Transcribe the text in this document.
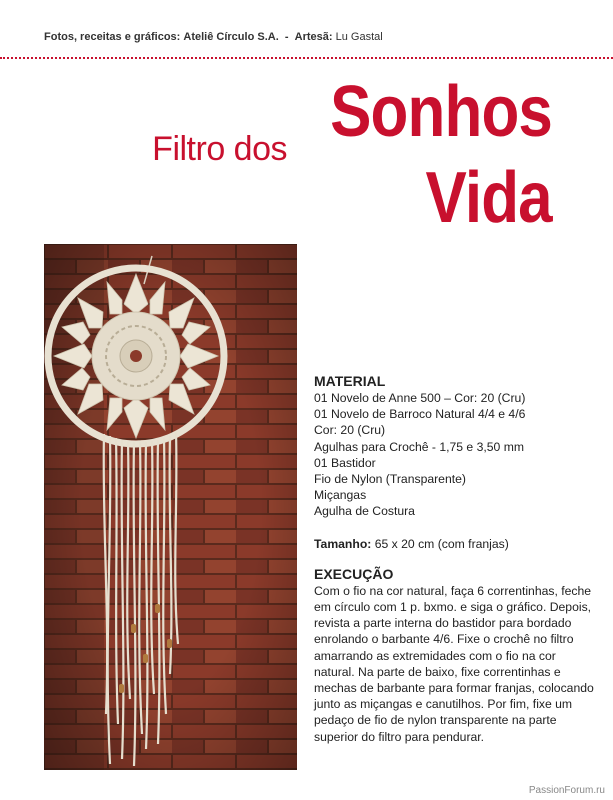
Fotos, receitas e gráficos: Ateliê Círculo S.A. - Artesã: Lu Gastal
Filtro dos Sonhos
Vida
MATERIAL
01 Novelo de Anne 500 – Cor: 20 (Cru)
01 Novelo de Barroco Natural 4/4 e 4/6
Cor: 20 (Cru)
Agulhas para Crochê - 1,75 e 3,50 mm
01 Bastidor
Fio de Nylon (Transparente)
Miçangas
Agulha de Costura
Tamanho: 65 x 20 cm (com franjas)
EXECUÇÃO
Com o fio na cor natural, faça 6 correntinhas, feche em círculo com 1 p. bxmo. e siga o gráfico. Depois, revista a parte interna do bastidor para bordado enrolando o barbante 4/6. Fixe o crochê no filtro amarrando as extremidades com o fio na cor natural. Na parte de baixo, fixe correntinhas e mechas de barbante para formar franjas, colocando junto as miçangas e canutilhos. Por fim, fixe um pedaço de fio de nylon transparente na parte superior do filtro para pendurar.
PassionForum.ru
